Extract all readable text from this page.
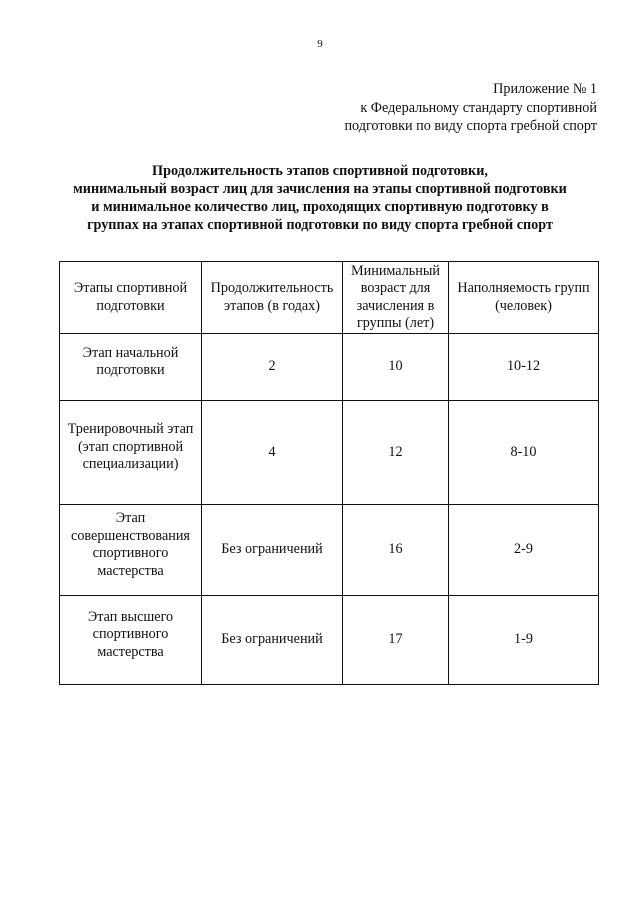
9
Приложение № 1
к Федеральному стандарту спортивной
подготовки по виду спорта гребной спорт
Продолжительность этапов спортивной подготовки,
минимальный возраст лиц для зачисления на этапы спортивной подготовки
и минимальное количество лиц, проходящих спортивную подготовку в
группах на этапах спортивной подготовки по виду спорта гребной спорт
Этапы спортивной подготовки	Продолжительность этапов (в годах)	Минимальный возраст для зачисления в группы (лет)	Наполняемость групп (человек)

Этап начальной подготовки	2	10	10-12

Тренировочный этап (этап спортивной специализации)	4	12	8-10

Этап совершенствования спортивного мастерства	Без ограничений	16	2-9

Этап высшего спортивного мастерства	Без ограничений	17	1-9
